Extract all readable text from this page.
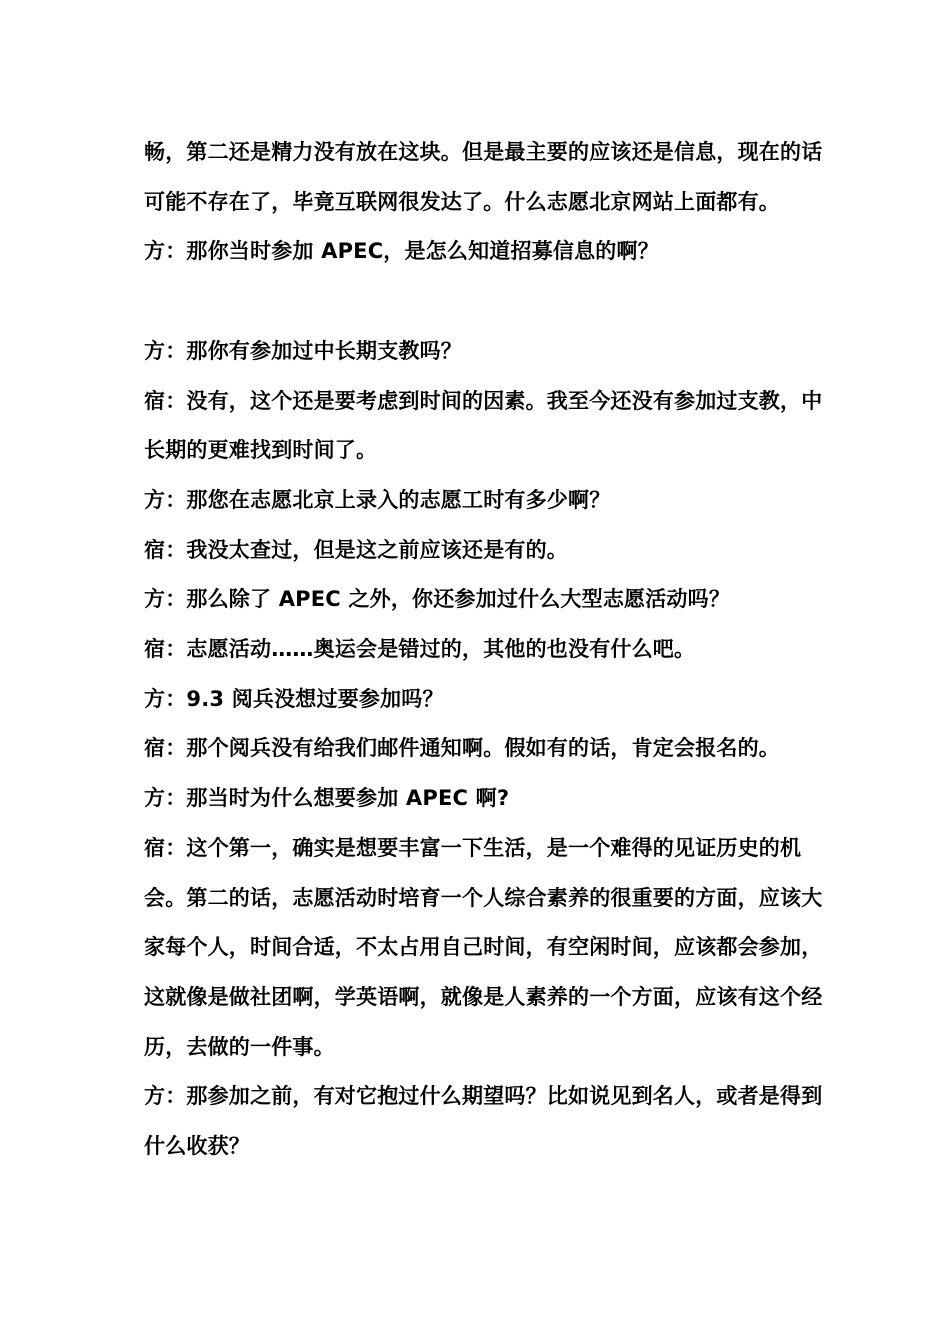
畅，第二还是精力没有放在这块。但是最主要的应该还是信息，现在的话可能不存在了，毕竟互联网很发达了。什么志愿北京网站上面都有。

方：那你当时参加 APEC，是怎么知道招募信息的啊？

方：那你有参加过中长期支教吗？

宿：没有，这个还是要考虑到时间的因素。我至今还没有参加过支教，中长期的更难找到时间了。

方：那您在志愿北京上录入的志愿工时有多少啊？

宿：我没太查过，但是这之前应该还是有的。

方：那么除了 APEC 之外，你还参加过什么大型志愿活动吗？

宿：志愿活动……奥运会是错过的，其他的也没有什么吧。

方：9.3 阅兵没想过要参加吗？

宿：那个阅兵没有给我们邮件通知啊。假如有的话，肯定会报名的。

方：那当时为什么想要参加 APEC 啊?

宿：这个第一，确实是想要丰富一下生活，是一个难得的见证历史的机会。第二的话，志愿活动时培育一个人综合素养的很重要的方面，应该大家每个人，时间合适，不太占用自己时间，有空闲时间，应该都会参加，这就像是做社团啊，学英语啊，就像是人素养的一个方面，应该有这个经历，去做的一件事。

方：那参加之前，有对它抱过什么期望吗？比如说见到名人，或者是得到什么收获？
